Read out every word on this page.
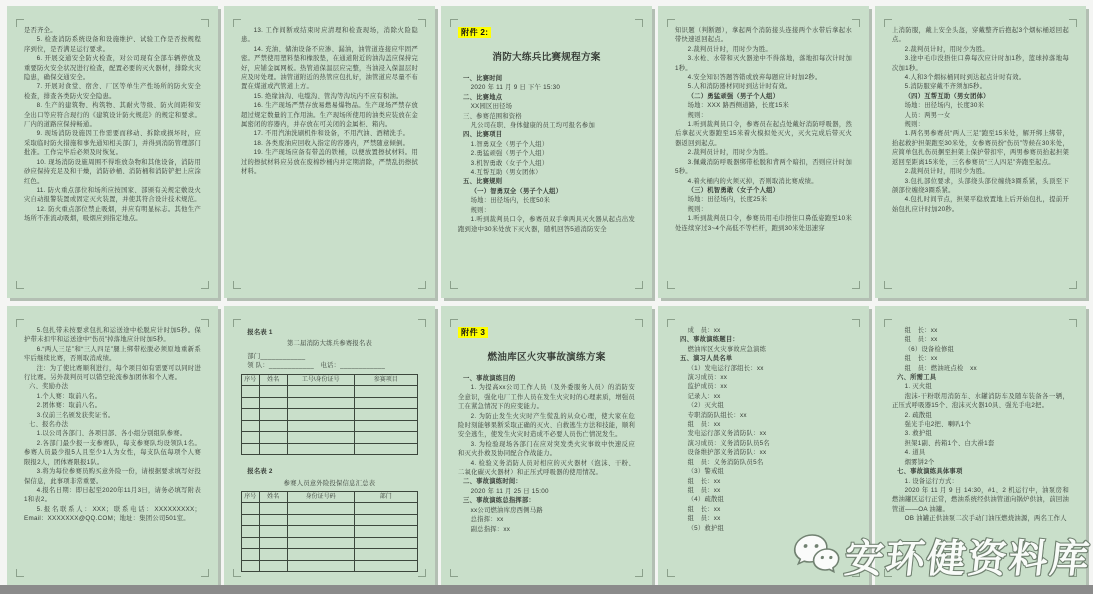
是否齐全。
5. 检查消防系统设备和设施维护、试验工作是否按规程序到位，是否满足运行要求。
6. 开展交通安全防火检查，对公司现有全部车辆停放及重要防火安全状况进行检查，配置必要的灭火器材，排除火灾隐患，确保交通安全。
7. 开展对食堂、宿舍、厂区等单生产性场所的防火安全检查，排查各类防火安全隐患。
8. 生产的建筑物、构筑物、其耐火等级、防火间距和安全出口等应符合现行的《建筑设计防火规范》的规定和要求。厂内的道路应保持畅通。
9. 现场消防设施因工作需要而移动、拆除或损坏时，应采取临时防火措施和事先通知相关部门，并得到消防管理部门批准。工作完毕后必须及时恢复。
10. 现场消防设施周围不得堆放杂物和其他设备，消防用砂应保持充足及和干燥，消防砂桶、消防桶和消防铲把上应涂红色。
11. 防火重点部位和场所应按国家、部颁有关规定敷设火灾自动报警装置或固定灭火装置，并使其符合设计技术规范。
12. 防火重点部位禁止吸烟，并应有明显标志。其他生产场所不准流动吸烟，吸烟应到指定地点。
13. 工作间断或结束时应清理和检查现场，消除火险隐患。
14. 充油、储油设备不应渗、漏油，油管道连接应牢固严密。严禁使用塑料垫和橡胶垫，在通道附近的油沟盖应保持完好，应铺金属网板。热管道保温层应完整，当油浸入保温层时应及时处理。油管道附近的热管应包扎好，油管道应尽量不布置在煤道或汽管道上方。
15. 绝缘油沟、电缆沟、管沟等沟坑内不应有积油。
16. 生产现场严禁存放易燃易爆物品。生产现场严禁存放超过规定数量的工作用油。生产现场所使用的油类应装放在金属密闭的容器内，并存放在可关闭的金属柜、箱内。
17. 不用汽油洗刷机件和设备，不用汽油、酒精洗手。
18. 各类废油应回收入指定的容器内，严禁随意倾倒。
19. 生产现场应备有带盖的铁桶，以便放置擦拭材料。用过的擦拭材料应另放在废棉纱桶内并定期清除，严禁乱扔擦拭材料。
附件 2:
消防大练兵比赛规程方案
一、比赛时间
2020 年 11 月 9 日 下午 15:30
二、比赛地点
XX园区田径场
三、参赛范围和资格
凡公司在职、身体健康的员工均可报名参加
四、比赛项目
1.智勇双全（男子个人组）
2.勇猛顽强（男子个人组）
3.机智勇敢（女子个人组）
4.互帮互助（男女团体）
五、比赛规则
（一）智勇双全（男子个人组）
场地：田径场内，长度50米
规则：
1.听到裁判员口令，参赛员双手拿两具灭火器从起点出发跑到途中30米处放下灭火器，随机回答5道消防安全
知识题（判断题），拿起两个消防接头连接两个水带后拿起水带快速返回起点。
2.裁判员计时，用时少为胜。
3.水枪、水带和灭火器途中不得落地，落地扣每次计时加1秒。
4.安全知识答题答错或放弃每题应计时加2秒。
5.人和消防器材同时到达计时有效。
（二）勇猛顽强（男子个人组）
场地：XXX 路西侧道路，长度15米
规则：
1.听到裁判员口令，参赛员在起点处戴好消防呼吸器，然后拿起灭火器跑至15米着火模拟处灭火，灭火完成后带灭火器返回到起点。
2.裁判员计时，用时少为胜。
3.佩戴消防呼吸器绑带松脱和背两个暗扣，否则应计时加5秒。
4.着火桶内的火须灭掉，否则取消比赛成绩。
（三）机智勇敢（女子个人组）
场地：田径场内，长度25米
规则：
1.听到裁判员口令，参赛员用毛巾捂住口鼻低姿跑至10米处连续穿过3~4个高低不等栏杆，跑到30米处迅速穿
上消防服，戴上安全头盔，穿戴整齐后抱起3个烟标桶返回起点。
2.裁判员计时，用时少为胜。
3.途中毛巾没捂住口鼻每次应计时加1秒，篮球掉落地每次加1秒。
4.人和3个烟标桶同时到达起点计时有效。
5.消防服穿戴不齐须加5秒。
（四）互帮互助（男女团体）
场地：田径场内，长度30米
人员：两男一女
规则：
1.两名男参赛员“两人三足”跑至15米处，解开绑上绑带，抬起救护担架跑至30米处，女参赛员扮“伤员”等候在30米处，应简单包扎伤员捆至担架上保护带扣牢，两男参赛员抬起担架返回至距离15米处，三名参赛员“三人四足”奔跑至起点。
2.裁判员计时，用时少为胜。
3.包扎部位要求，头部绕头部位缠绕3圈系紧，头顶至下颌部位缠绕3圈系紧。
4.包扎时间节点，担架平稳放置地上后开始包扎，提前开始包扎应计时加20秒。
5.包扎带未按要求包扎和运送途中松脱应计时加5秒。保护带未扣牢和运送途中“伤员”掉落地应计时加5秒。
6.“两人三足”和“三人四足”腿上绑带松脱必须原地重新系牢后继续比赛，否则取消成绩。
注：为了使比赛顺利进行，每个项目如有需要可以同时进行比赛。另外裁判员可以错空轮流参加团体和个人赛。
六、奖励办法
1.个人赛：取前八名。
2.团体赛：取前八名。
3.仅前三名颁发获奖证书。
七、报名办法
1.以公司各部门、各项目部、各小组分别组队参赛。
2.各部门最少报一支参赛队，每支参赛队均设领队1名。参赛人员最少报5人且至少1人为女性，每支队伍每项个人赛限报2人，团体赛限报1队。
3.将为每位参赛员购买意外险一份，请根据要求填写好投保信息，此事项非常重要。
4.报名日期：即日起至2020年11月3日，请务必填写附表1和表2。
5.报名联系人：XXX；联系电话：XXXXXXXXX；Email：XXXXXXX@QQ.COM；地址：集团公司501室。
报名表 1
第二届消防大练兵参赛报名表
部门____________
领 队：____________　电话：____________
序号	姓名	工号\身份证号	参赛项目

报名表 2
参赛人员意外险投保信息汇总表
序号	姓名	身份证号码	部门

附件 3
燃油库区火灾事故演练方案
一、事故演练目的
1. 为提高xx公司工作人员（及外委服务人员）的消防安全意识，强化电厂工作人员在发生火灾时的心理素质，增强员工在紧急情况下的应变能力。
2. 为防止发生火灾时产生慌乱的从众心理，使大家在危险时刻能够果断采取正确的灭火、自救逃生方法和技能，顺利安全逃生，使发生火灾时造成不必要人员伤亡情况发生。
3. 为检验现场各部门在应对突发类火灾事故中快速反应和灭火扑救及协同配合作战能力。
4. 检验义务消防人员对相应的灭火器材（泡沫、干粉、二氧化碳灭火器材）和正压式呼吸器的使用情况。
二、事故演练时间：
2020 年 11 月 25 日 15:00
三、事故演练总指挥部：
xx公司燃油库房西侧马路
总指挥：xx
副总指挥：xx
成　员：xx
四、事故演练题目：
燃油库区火灾事故应急演练
五、演习人员名单
（1）发电运行部组长：xx
演习成员：xx
监护成员：xx
记录人：xx
（2）灭火组
专职消防队组长：xx
组　员：xx
发电运行部义务消防队：xx
演习成员：义务消防队员5名
设备维护部义务消防队：xx
组　员：义务消防队员5名
（3）警戒组
组　长：xx
组　员：xx
（4）疏散组
组　长：xx
组　员：xx
（5）救护组
组　长：xx
组　员：xx
（6）设备检修组
组　长：xx
组　员：燃油班点检　xx
六、所需工具
1. 灭火组
泡沫-干粉联用消防车、水罐消防车及随车装备各一辆，正压式呼吸器15个、泡沫灭火器10具、强光手电2把。
2. 疏散组
强光手电2把、喇叭1个
3. 救护组
担架1副、药箱1个、白大褂1套
4. 道具
烟雾饼2个
七、事故演练具体事项
1. 设备运行方式：
2020 年 11 月 9 日 14:30，#1、2 机运行中，油泵房和燃油罐区运行正常，燃油系统经供油管道向锅炉供油，前回油管道——OA 油罐。
OB 油罐正供油泵二次手动门油压燃烧油源，两名工作人
安环健资料库
